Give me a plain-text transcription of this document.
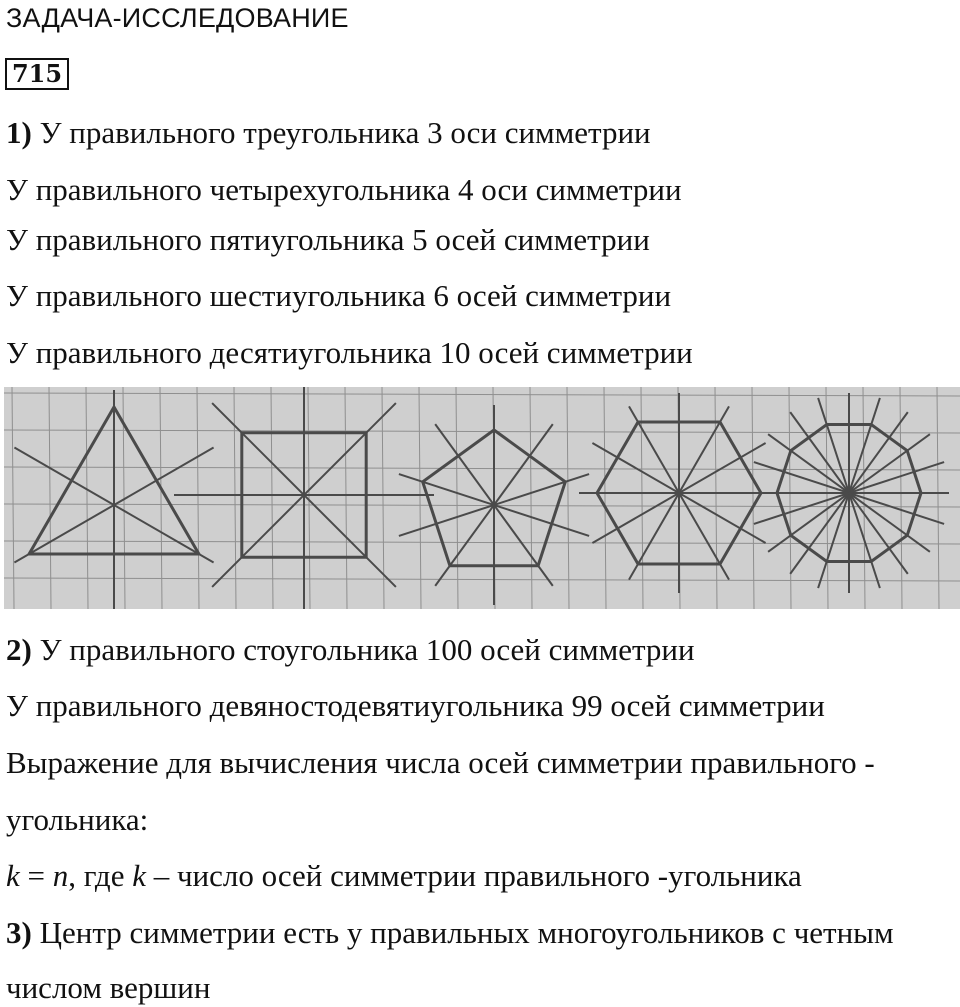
ЗАДАЧА-ИССЛЕДОВАНИЕ
715
1) У правильного треугольника 3 оси симметрии
У правильного четырехугольника 4 оси симметрии
У правильного пятиугольника 5 осей симметрии
У правильного шестиугольника 6 осей симметрии
У правильного десятиугольника 10 осей симметрии
2) У правильного стоугольника 100 осей симметрии
У правильного девяностодевятиугольника 99 осей симметрии
Выражение для вычисления числа осей симметрии правильного -
угольника:
k = n, где k – число осей симметрии правильного -угольника
3) Центр симметрии есть у правильных многоугольников с четным
числом вершин
